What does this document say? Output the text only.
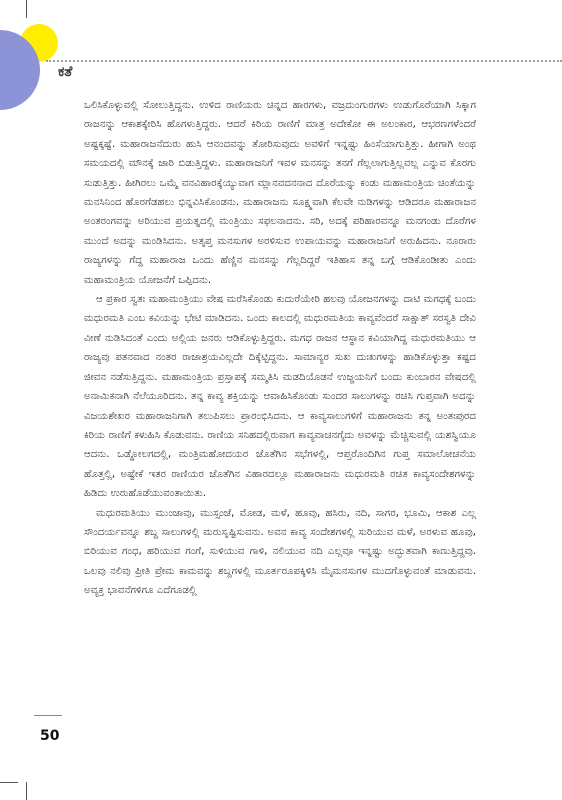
ಕತೆ

ಒಲಿಸಿಕೊಳ್ಳುವಲ್ಲಿ ಸೋಲುತ್ತಿದ್ದನು. ಉಳಿದ ರಾಣಿಯರು ಚಿನ್ನದ ಹಾರಗಳು, ವಜ್ರದುಂಗುರಗಳು ಉಡುಗೊರೆಯಾಗಿ ಸಿಕ್ಕಾಗ ರಾಜನನ್ನು ಆಕಾಶಕ್ಕೇರಿಸಿ ಹೊಗಳುತ್ತಿದ್ದರು. ಆದರೆ ಕಿರಿಯ ರಾಣಿಗೆ ಮಾತ್ರ ಅದೇಕೋ ಈ ಅಲಂಕಾರ, ಆಭರಣಗಳೆಂದರೆ ಅಷ್ಟಕ್ಕಷ್ಟೆ. ಮಹಾರಾಜನೆದುರು ಹುಸಿ ಆನಂದವನ್ನು ತೋರಿಸುವುದು ಅವಳಿಗೆ ಇನ್ನಷ್ಟು ಹಿಂಸೆಯಾಗುತ್ತಿತ್ತು. ಹೀಗಾಗಿ ಅಂಥ ಸಮಯದಲ್ಲಿ ಮೌನಕ್ಕೆ ಜಾರಿ ಬಿಡುತ್ತಿದ್ದಳು. ಮಹಾರಾಜನಿಗೆ ಇವಳ ಮನಸನ್ನು ತನಗೆ ಗೆಲ್ಲಲಾಗುತ್ತಿಲ್ಲವಲ್ಲ ಎನ್ನುವ ಕೊರಗು ಸುಡುತ್ತಿತ್ತು. ಹೀಗಿರಲು ಒಮ್ಮೆ ವನವಿಹಾರಕ್ಕೆಯ್ಯುವಾಗ ಮ್ಲಾನವದನನಾದ ದೊರೆಯನ್ನು ಕಂಡು ಮಹಾಮಂತ್ರಿಯ ಚಿಂತೆಯನ್ನು ಮನಸಿನಿಂದ ಹೊರಗೆಡಹಲು ಭಿನ್ನವಿಸಿಕೊಂಡನು. ಮಹಾರಾಜನು ಸೂಕ್ಷ್ಮವಾಗಿ ಕೆಲವೇ ನುಡಿಗಳನ್ನು ಆಡಿದರೂ ಮಹಾರಾಜನ ಅಂತರಂಗವನ್ನು ಅರಿಯುವ ಪ್ರಯತ್ನದಲ್ಲಿ ಮಂತ್ರಿಯು ಸಫಲನಾದನು. ಸರಿ, ಅದಕ್ಕೆ ಪರಿಹಾರವನ್ನೂ ಮನಗಂಡು ದೊರೆಗಳ ಮುಂದೆ ಅದನ್ನು ಮಂಡಿಸಿದನು. ಅತೃಪ್ತ ಮನಸುಗಳ ಅರಳಿಸುವ ಉಪಾಯವನ್ನು ಮಹಾರಾಜನಿಗೆ ಅರುಹಿದನು. ನೂರಾರು ರಾಜ್ಯಗಳನ್ನು ಗೆದ್ದ ಮಹಾರಾಜ ಒಂದು ಹೆಣ್ಣಿನ ಮನಸನ್ನು ಗೆಲ್ಲದಿದ್ದರೆ ಇತಿಹಾಸ ತನ್ನ ಬಗ್ಗೆ ಆಡಿಕೊಂಡೀತು ಎಂದು ಮಹಾಮಂತ್ರಿಯ ಯೋಜನೆಗೆ ಒಪ್ಪಿದನು.

ಆ ಪ್ರಕಾರ ಸ್ವತಃ ಮಹಾಮಂತ್ರಿಯು ವೇಷ ಮರೆಸಿಕೊಂಡು ಕುದುರೆಯೇರಿ ಹಲವು ಯೋಜನಗಳನ್ನು ದಾಟಿ ಮಗಧಕ್ಕೆ ಬಂದು ಮಧುರಮತಿ ಎಂಬ ಕವಿಯನ್ನು ಭೇಟಿ ಮಾಡಿದನು. ಒಂದು ಕಾಲದಲ್ಲಿ ಮಧುರಮತಿಯ ಕಾವ್ಯವೆಂದರೆ ಸಾಕ್ಷಾತ್ ಸರಸ್ವತಿ ದೇವಿ ವೀಣೆ ನುಡಿಸಿದಂತೆ ಎಂದು ಅಲ್ಲಿಯ ಜನರು ಆಡಿಕೊಳ್ಳುತ್ತಿದ್ದರು. ಮಗಧ ರಾಜನ ಆಸ್ಥಾನ ಕವಿಯಾಗಿದ್ದ ಮಧುರಮತಿಯು ಆ ರಾಜ್ಯವು ಪತನವಾದ ನಂತರ ರಾಜಾಶ್ರಯವಿಲ್ಲದೇ ದಿಕ್ಕೆಟ್ಟಿದ್ದನು. ಸಾಮಾನ್ಯರ ಸುಖ ದುಃಖಗಳನ್ನು ಹಾಡಿಕೊಳ್ಳುತ್ತಾ ಕಷ್ಟದ ಜೀವನ ನಡೆಸುತ್ತಿದ್ದನು. ಮಹಾಮಂತ್ರಿಯ ಪ್ರಸ್ತಾಪಕ್ಕೆ ಸಮ್ಮತಿಸಿ ಮಡದಿಯೊಡನೆ ಉಜ್ಜಯನಿಗೆ ಬಂದು ಕುಂಬಾರನ ವೇಷದಲ್ಲಿ ಅನಾಮಿಕನಾಗಿ ನೆಲೆಯೂರಿದನು. ತನ್ನ ಕಾವ್ಯ ಶಕ್ತಿಯನ್ನು ಆವಾಹಿಸಿಕೊಂಡು ಸುಂದರ ಸಾಲುಗಳನ್ನು ರಚಿಸಿ ಗುಪ್ತವಾಗಿ ಅದನ್ನು ವಿಜಯಶೇಖರ ಮಹಾರಾಜನಿಗಾಗಿ ತಲುಪಿಸಲು ಪ್ರಾರಂಭಿಸಿದನು. ಆ ಕಾವ್ಯಸಾಲುಗಳಿಗೆ ಮಹಾರಾಜನು ತನ್ನ ಅಂತಃಪುರದ ಕಿರಿಯ ರಾಣಿಗೆ ಕಳುಹಿಸಿ ಕೊಡುವನು. ರಾಣಿಯ ಸನಿಹದಲ್ಲಿರುವಾಗ ಕಾವ್ಯವಾಚನಗೈದು ಅವಳನ್ನು ಮೆಚ್ಚಿಸುವಲ್ಲಿ ಯಶಸ್ವಿಯೂ ಆದನು. ಒಡ್ಡೋಲಗದಲ್ಲಿ, ಮಂತ್ರಿಮಹೋದಯರ ಜೊತೆಗಿನ ಸಭೆಗಳಲ್ಲಿ, ಆಪ್ತರೊಂದಿಗಿನ ಗುಪ್ತ ಸಮಾಲೋಚನೆಯ ಹೊತ್ತಲ್ಲಿ, ಅಷ್ಟೇಕೆ ಇತರ ರಾಣಿಯರ ಜೊತೆಗಿನ ವಿಹಾರದಲ್ಲೂ ಮಹಾರಾಜನು ಮಧುರಮತಿ ರಚಿತ ಕಾವ್ಯಸಂದೇಶಗಳನ್ನು ಹಿಡಿದು ಉರುಹೊಡೆಯುವಂತಾಯಿತು.

ಮಧುರಮತಿಯು ಮುಂಜಾವು, ಮುಸ್ಸಂಜೆ, ಮೋಡ, ಮಳೆ, ಹೂವು, ಹಸಿರು, ನದಿ, ಸಾಗರ, ಭೂಮಿ, ಆಕಾಶ ಎಲ್ಲ ಸೌಂದರ್ಯವನ್ನೂ ಶಬ್ದ ಸಾಲುಗಳಲ್ಲಿ ಮರುಸೃಷ್ಟಿಸುವನು. ಅವನ ಕಾವ್ಯ ಸಂದೇಶಗಳಲ್ಲಿ ಸುರಿಯುವ ಮಳೆ, ಅರಳುವ ಹೂವು, ಬಿರಿಯುವ ಗಂಧ, ಹರಿಯುವ ಗಂಗೆ, ಸುಳಿಯುವ ಗಾಳಿ, ನಲಿಯುವ ನದಿ ಎಲ್ಲವೂ ಇನ್ನಷ್ಟು ಅದ್ಭುತವಾಗಿ ಕಾಣುತ್ತಿದ್ದವು. ಒಲವು ನಲಿವು ಪ್ರೀತಿ ಪ್ರೇಮ ಕಾಮವನ್ನು ಶಬ್ದಗಳಲ್ಲಿ ಮೂರ್ತರೂಪಕ್ಕಿಳಿಸಿ ಮೈಮನಸುಗಳ ಮುದಗೊಳ್ಳುವಂತೆ ಮಾಡುವನು. ಅವ್ಯಕ್ತ ಭಾವನೆಗಳಿಗೂ ಎದೆಗೂಡಲ್ಲಿ

50
